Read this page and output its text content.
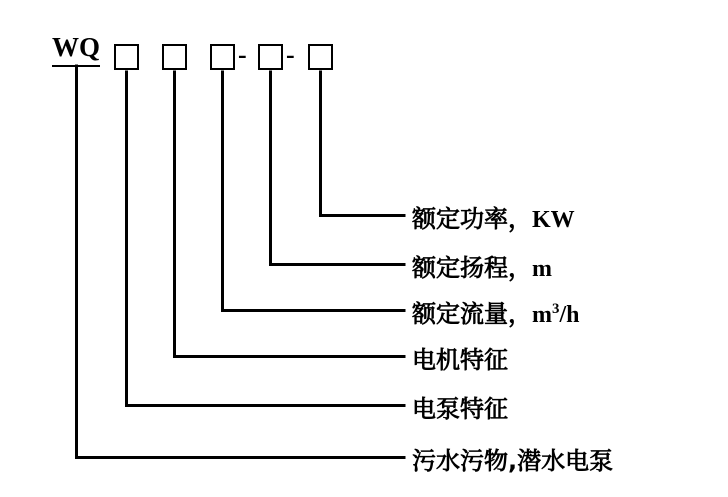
WQ	- -
额定功率，KW
额定扬程，m
额定流量，$m^3/h$
电机特征
电泵特征
污水污物,潜水电泵
